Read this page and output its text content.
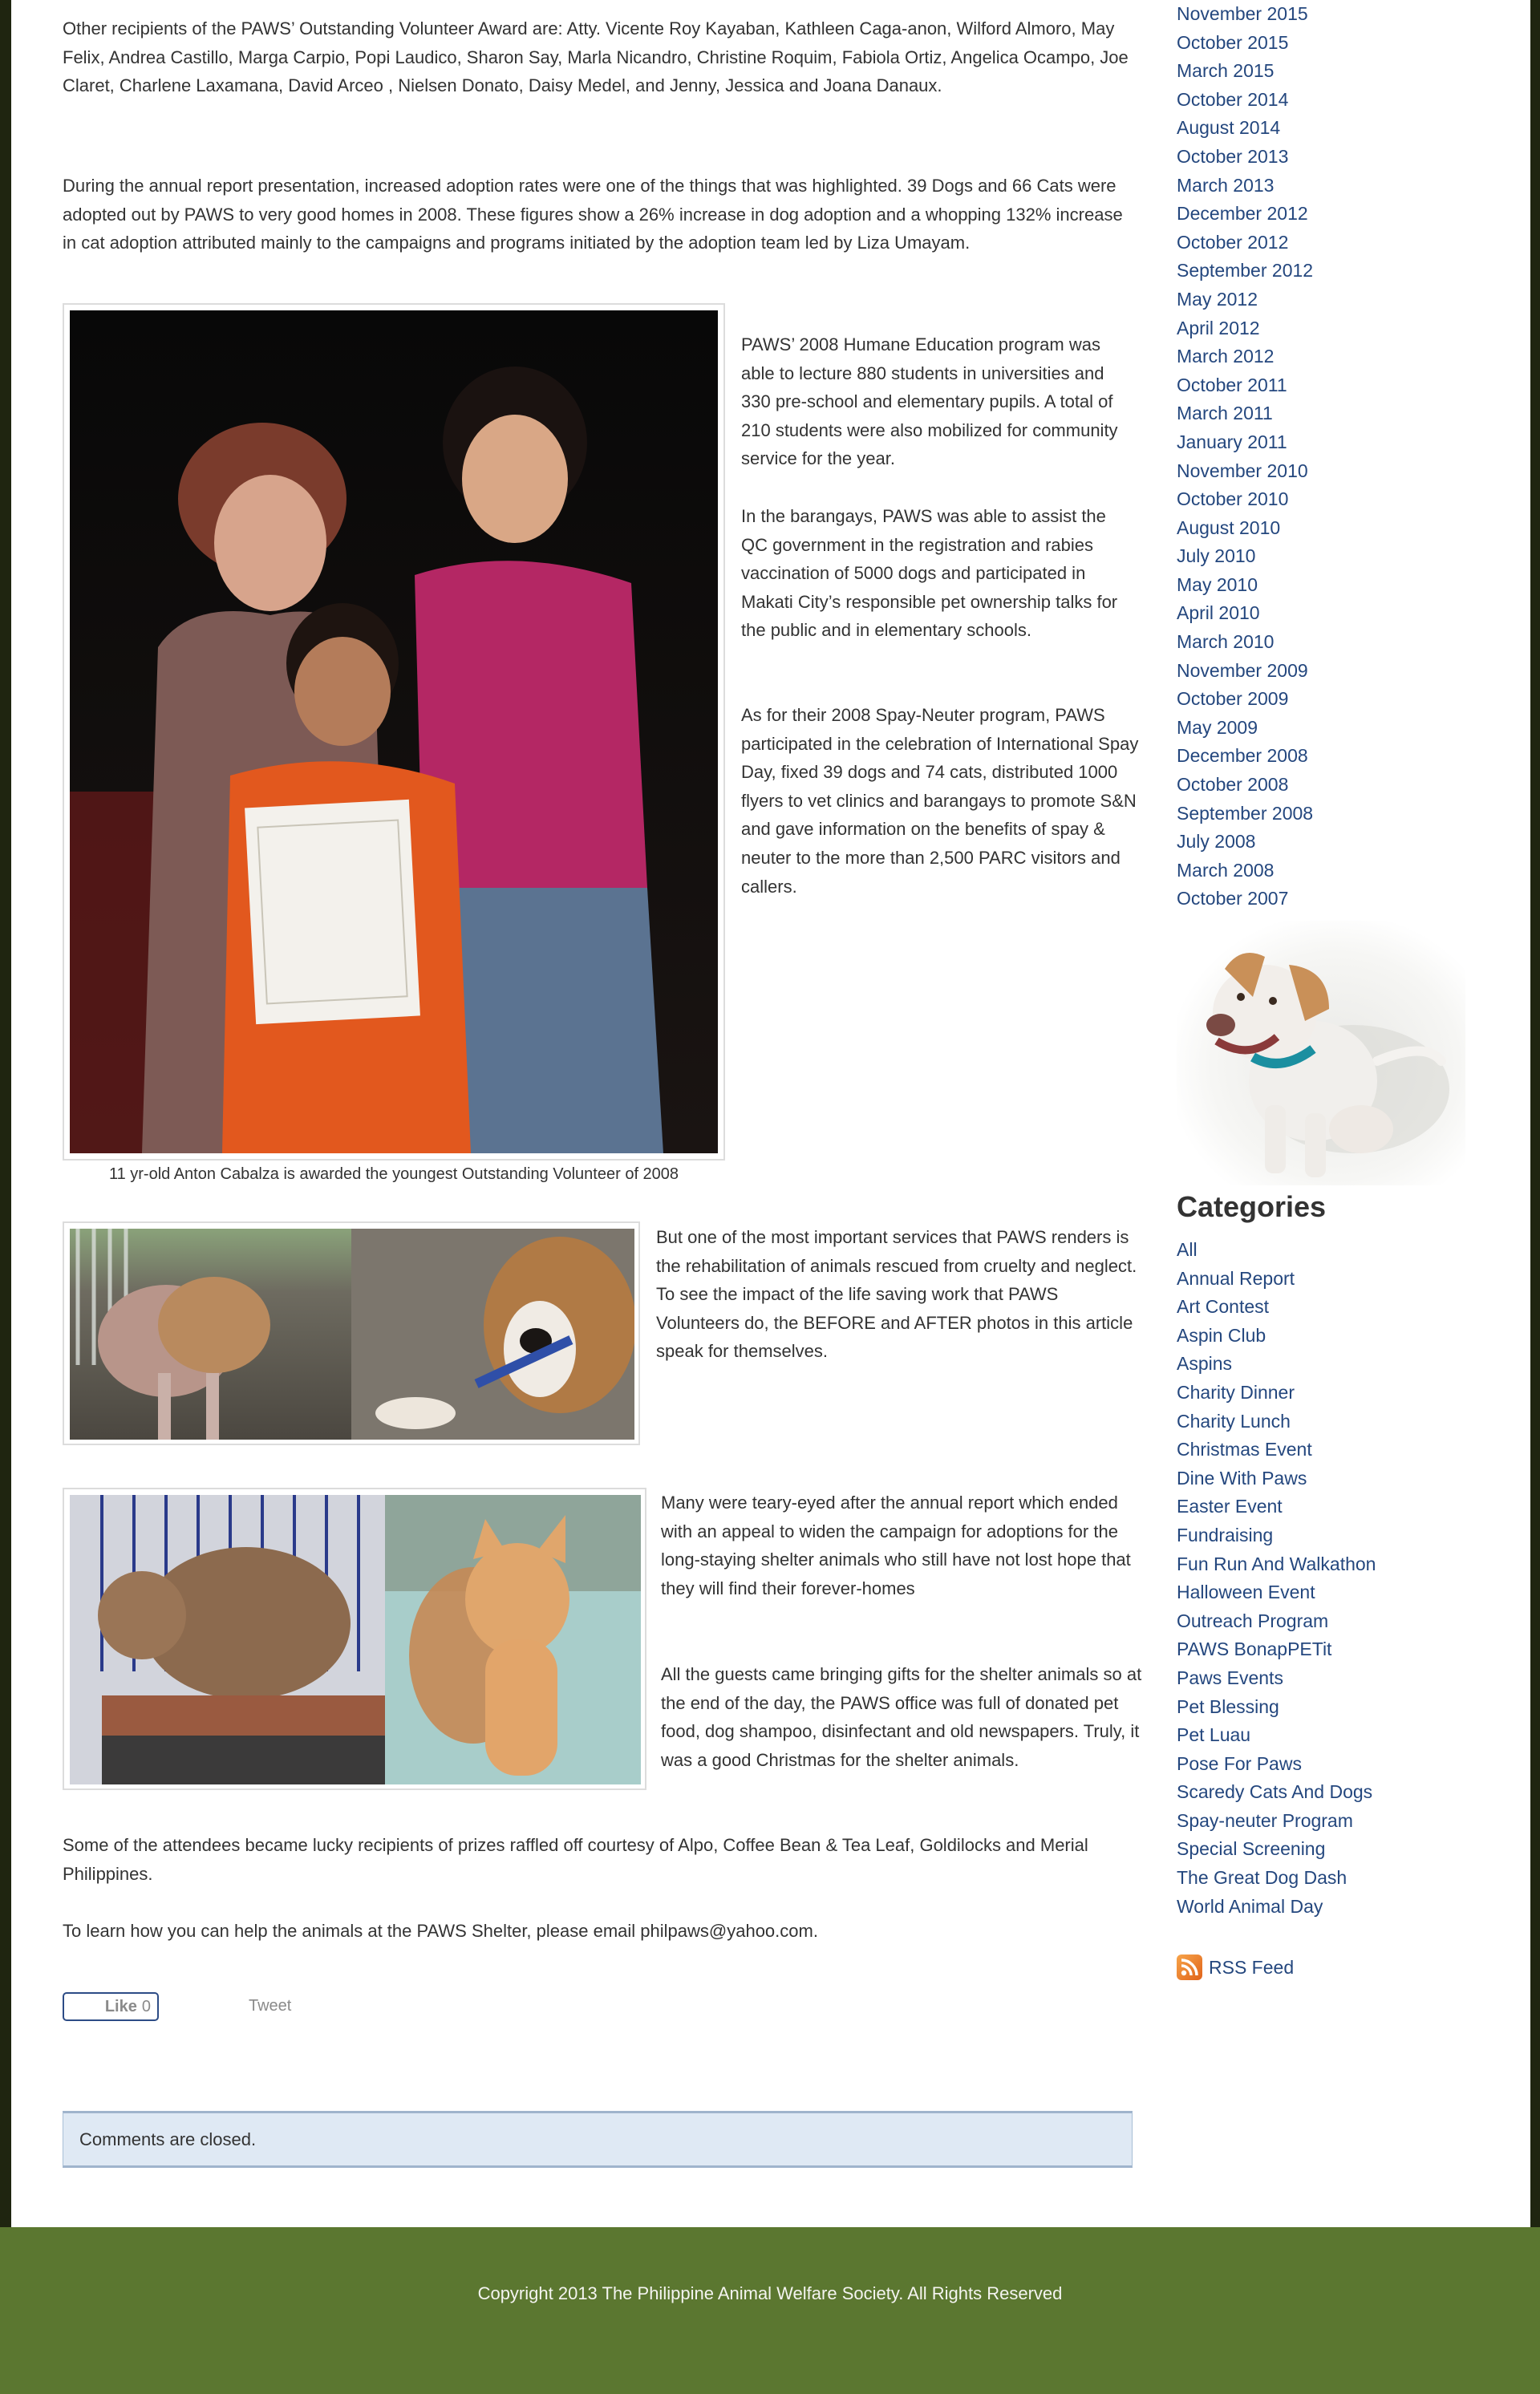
Other recipients of the PAWS’ Outstanding Volunteer Award are: Atty. Vicente Roy Kayaban, Kathleen Caga-anon, Wilford Almoro, May Felix, Andrea Castillo, Marga Carpio, Popi Laudico, Sharon Say, Marla Nicandro, Christine Roquim, Fabiola Ortiz, Angelica Ocampo, Joe Claret, Charlene Laxamana, David Arceo , Nielsen Donato, Daisy Medel, and Jenny, Jessica and Joana Danaux.

During the annual report presentation, increased adoption rates were one of the things that was highlighted. 39 Dogs and 66 Cats were adopted out by PAWS to very good homes in 2008. These figures show a 26% increase in dog adoption and a whopping 132% increase in cat adoption attributed mainly to the campaigns and programs initiated by the adoption team led by Liza Umayam.

11 yr-old Anton Cabalza is awarded the youngest Outstanding Volunteer of 2008

PAWS’ 2008 Humane Education program was able to lecture 880 students in universities and 330 pre-school and elementary pupils. A total of 210 students were also mobilized for community service for the year.

In the barangays, PAWS was able to assist the QC government in the registration and rabies vaccination of 5000 dogs and participated in Makati City’s responsible pet ownership talks for the public and in elementary schools.

As for their 2008 Spay-Neuter program, PAWS participated in the celebration of International Spay Day, fixed 39 dogs and 74 cats, distributed 1000 flyers to vet clinics and barangays to promote S&N and gave information on the benefits of spay & neuter to the more than 2,500 PARC visitors and callers.

But one of the most important services that PAWS renders is the rehabilitation of animals rescued from cruelty and neglect. To see the impact of the life saving work that PAWS Volunteers do, the BEFORE and AFTER photos in this article speak for themselves.

Many were teary-eyed after the annual report which ended with an appeal to widen the campaign for adoptions for the long-staying shelter animals who still have not lost hope that they will find their forever-homes

All the guests came bringing gifts for the shelter animals so at the end of the day, the PAWS office was full of donated pet food, dog shampoo, disinfectant and old newspapers. Truly, it was a good Christmas for the shelter animals.

Some of the attendees became lucky recipients of prizes raffled off courtesy of Alpo, Coffee Bean & Tea Leaf, Goldilocks and Merial Philippines.

To learn how you can help the animals at the PAWS Shelter, please email philpaws@yahoo.com.

Like 0	Tweet
Comments are closed.
November 2015
October 2015
March 2015
October 2014
August 2014
October 2013
March 2013
December 2012
October 2012
September 2012
May 2012
April 2012
March 2012
October 2011
March 2011
January 2011
November 2010
October 2010
August 2010
July 2010
May 2010
April 2010
March 2010
November 2009
October 2009
May 2009
December 2008
October 2008
September 2008
July 2008
March 2008
October 2007
Categories
All
Annual Report
Art Contest
Aspin Club
Aspins
Charity Dinner
Charity Lunch
Christmas Event
Dine With Paws
Easter Event
Fundraising
Fun Run And Walkathon
Halloween Event
Outreach Program
PAWS BonapPETit
Paws Events
Pet Blessing
Pet Luau
Pose For Paws
Scaredy Cats And Dogs
Spay-neuter Program
Special Screening
The Great Dog Dash
World Animal Day
RSS Feed
Copyright 2013 The Philippine Animal Welfare Society. All Rights Reserved
